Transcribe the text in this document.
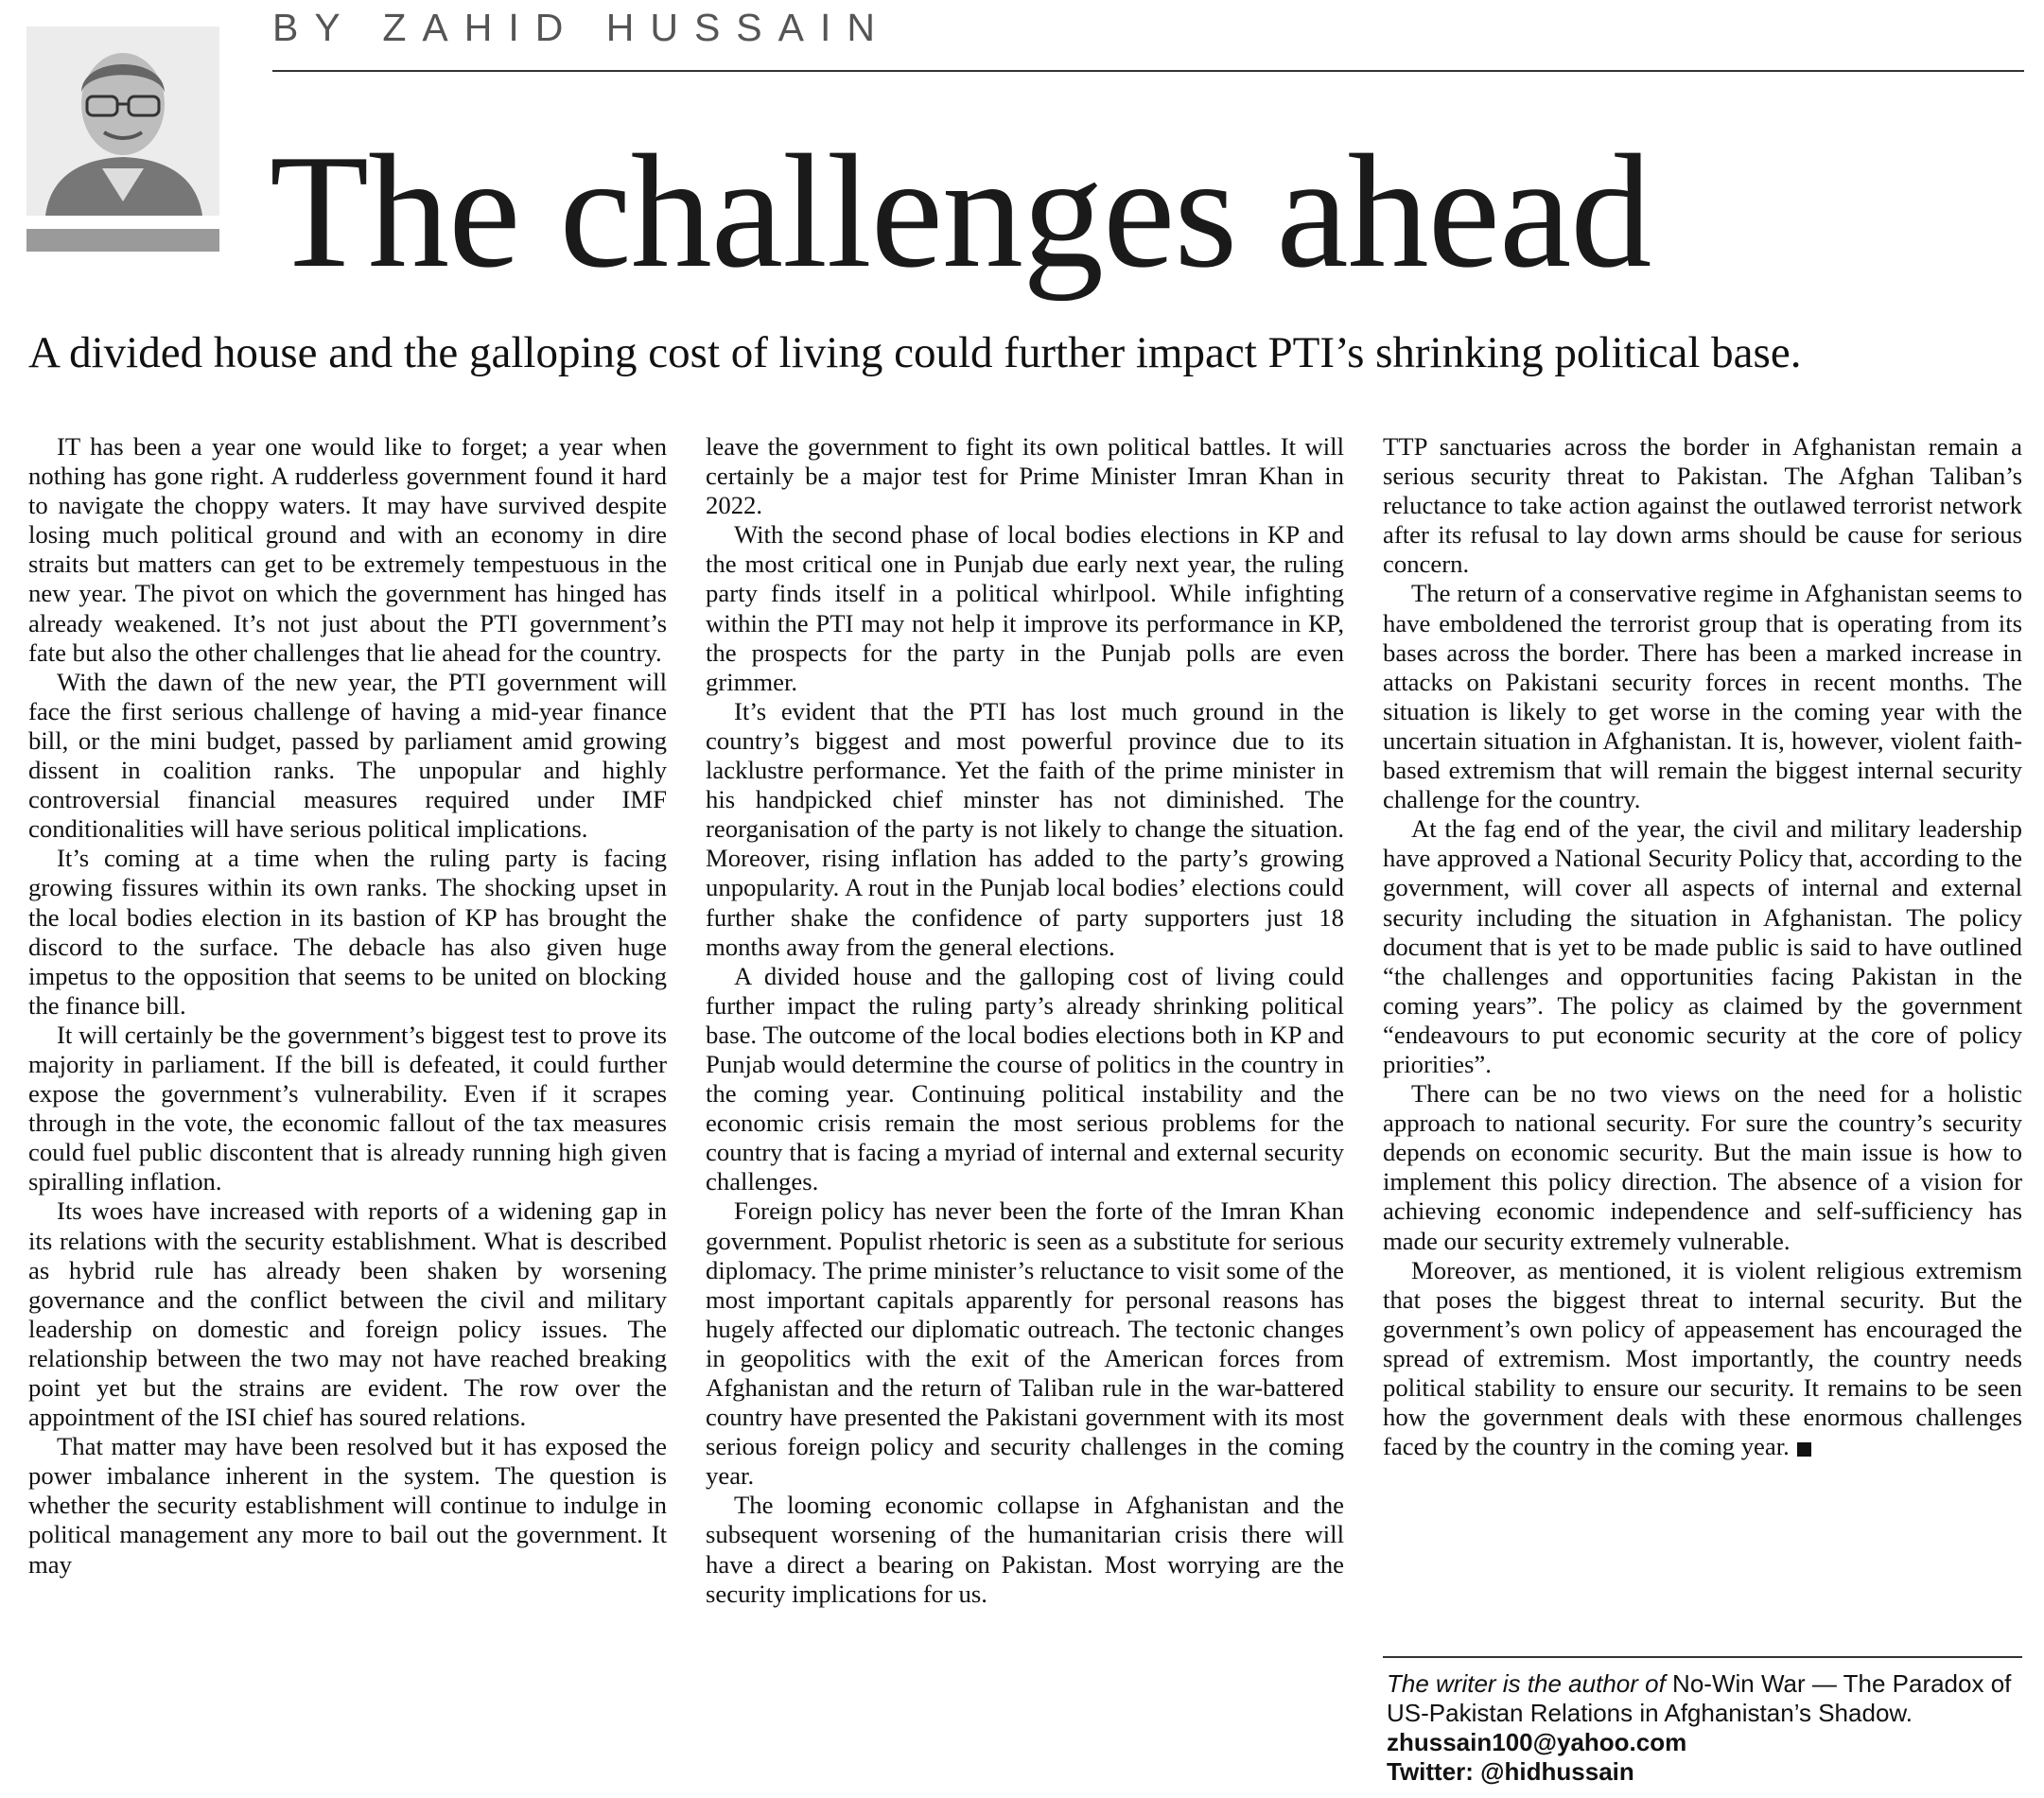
BY ZAHID HUSSAIN
The challenges ahead
A divided house and the galloping cost of living could further impact PTI’s shrinking political base.

IT has been a year one would like to forget; a year when nothing has gone right. A rudderless government found it hard to navigate the choppy waters. It may have survived despite losing much political ground and with an economy in dire straits but matters can get to be extremely tempestuous in the new year. The pivot on which the government has hinged has already weakened. It’s not just about the PTI government’s fate but also the other challenges that lie ahead for the country.

With the dawn of the new year, the PTI government will face the first serious challenge of having a mid-year finance bill, or the mini budget, passed by parliament amid growing dissent in coalition ranks. The unpopular and highly controversial financial measures required under IMF conditionalities will have serious political implications.

It’s coming at a time when the ruling party is facing growing fissures within its own ranks. The shocking upset in the local bodies election in its bastion of KP has brought the discord to the surface. The debacle has also given huge impetus to the opposition that seems to be united on blocking the finance bill.

It will certainly be the government’s biggest test to prove its majority in parliament. If the bill is defeated, it could further expose the government’s vulnerability. Even if it scrapes through in the vote, the economic fallout of the tax measures could fuel public discontent that is already running high given spiralling inflation.

Its woes have increased with reports of a widening gap in its relations with the security establishment. What is described as hybrid rule has already been shaken by worsening governance and the conflict between the civil and military leadership on domestic and foreign policy issues. The relationship between the two may not have reached breaking point yet but the strains are evident. The row over the appointment of the ISI chief has soured relations.

That matter may have been resolved but it has exposed the power imbalance inherent in the system. The question is whether the security establishment will continue to indulge in political management any more to bail out the government. It may

leave the government to fight its own political battles. It will certainly be a major test for Prime Minister Imran Khan in 2022.

With the second phase of local bodies elections in KP and the most critical one in Punjab due early next year, the ruling party finds itself in a political whirlpool. While infighting within the PTI may not help it improve its performance in KP, the prospects for the party in the Punjab polls are even grimmer.

It’s evident that the PTI has lost much ground in the country’s biggest and most powerful province due to its lacklustre performance. Yet the faith of the prime minister in his handpicked chief minster has not diminished. The reorganisation of the party is not likely to change the situation. Moreover, rising inflation has added to the party’s growing unpopularity. A rout in the Punjab local bodies’ elections could further shake the confidence of party supporters just 18 months away from the general elections.

A divided house and the galloping cost of living could further impact the ruling party’s already shrinking political base. The outcome of the local bodies elections both in KP and Punjab would determine the course of politics in the country in the coming year. Continuing political instability and the economic crisis remain the most serious problems for the country that is facing a myriad of internal and external security challenges.

Foreign policy has never been the forte of the Imran Khan government. Populist rhetoric is seen as a substitute for serious diplomacy. The prime minister’s reluctance to visit some of the most important capitals apparently for personal reasons has hugely affected our diplomatic outreach. The tectonic changes in geopolitics with the exit of the American forces from Afghanistan and the return of Taliban rule in the war-battered country have presented the Pakistani government with its most serious foreign policy and security challenges in the coming year.

The looming economic collapse in Afghanistan and the subsequent worsening of the humanitarian crisis there will have a direct a bearing on Pakistan. Most worrying are the security implications for us.

TTP sanctuaries across the border in Afghanistan remain a serious security threat to Pakistan. The Afghan Taliban’s reluctance to take action against the outlawed terrorist network after its refusal to lay down arms should be cause for serious concern.

The return of a conservative regime in Afghanistan seems to have emboldened the terrorist group that is operating from its bases across the border. There has been a marked increase in attacks on Pakistani security forces in recent months. The situation is likely to get worse in the coming year with the uncertain situation in Afghanistan. It is, however, violent faith-based extremism that will remain the biggest internal security challenge for the country.

At the fag end of the year, the civil and military leadership have approved a National Security Policy that, according to the government, will cover all aspects of internal and external security including the situation in Afghanistan. The policy document that is yet to be made public is said to have outlined “the challenges and opportunities facing Pakistan in the coming years”. The policy as claimed by the government “endeavours to put economic security at the core of policy priorities”.

There can be no two views on the need for a holistic approach to national security. For sure the country’s security depends on economic security. But the main issue is how to implement this policy direction. The absence of a vision for achieving economic independence and self-sufficiency has made our security extremely vulnerable.

Moreover, as mentioned, it is violent religious extremism that poses the biggest threat to internal security. But the government’s own policy of appeasement has encouraged the spread of extremism. Most importantly, the country needs political stability to ensure our security. It remains to be seen how the government deals with these enormous challenges faced by the country in the coming year.

The writer is the author of No-Win War — The Paradox of US-Pakistan Relations in Afghanistan’s Shadow.
zhussain100@yahoo.com
Twitter: @hidhussain
